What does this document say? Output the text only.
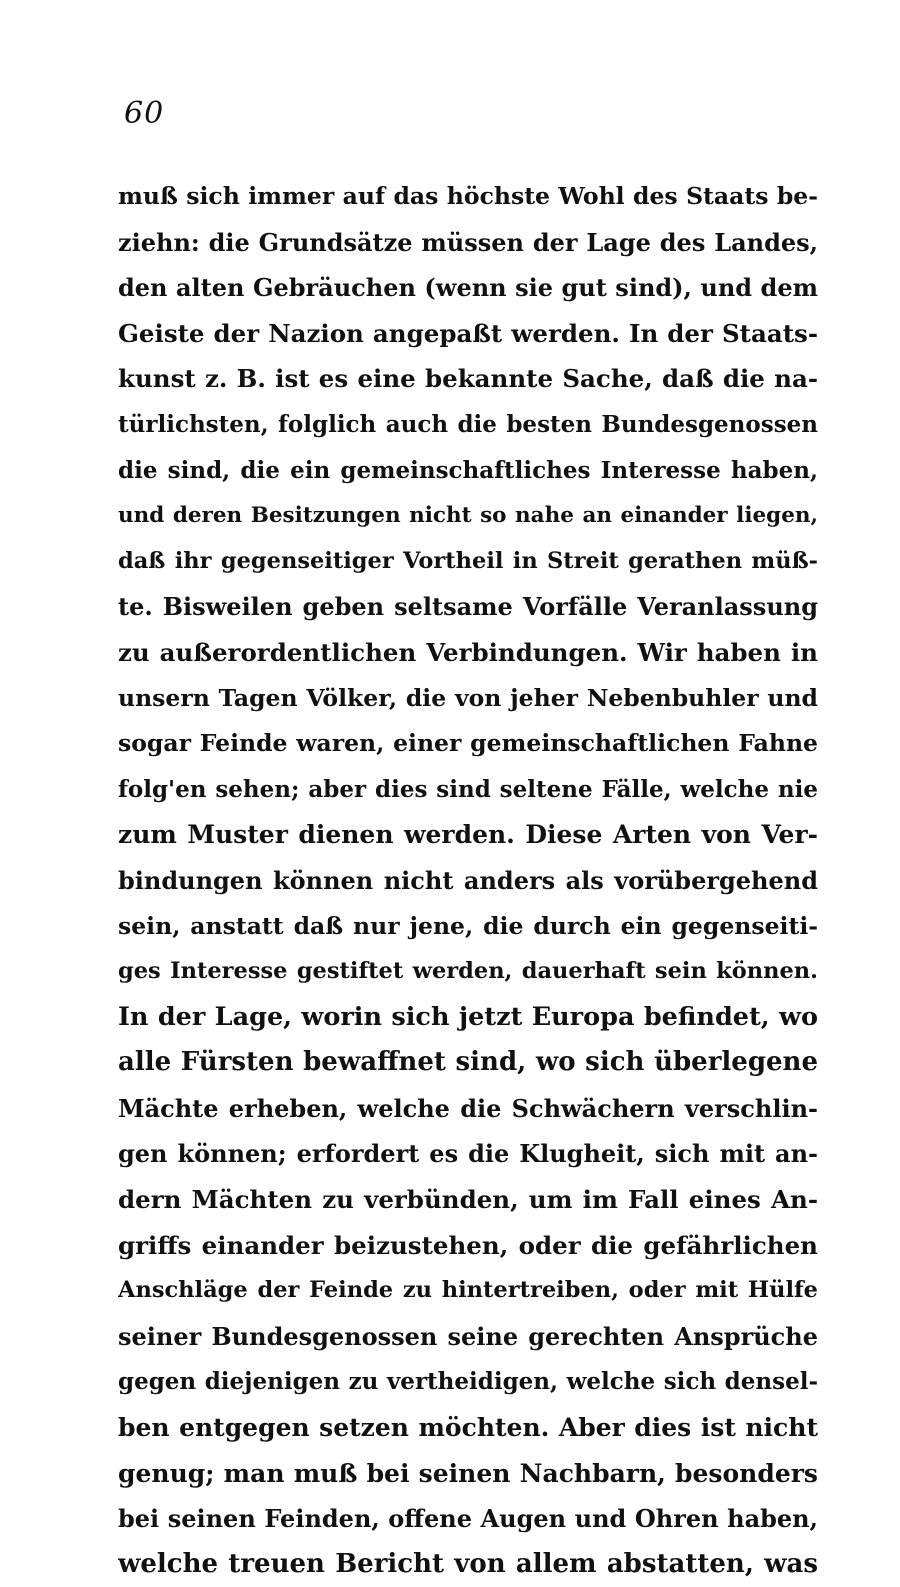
60
muß sich immer auf das höchste Wohl des Staats be-
ziehn: die Grundsätze müssen der Lage des Landes,
den alten Gebräuchen (wenn sie gut sind), und dem
Geiste der Nazion angepaßt werden. In der Staats-
kunst z. B. ist es eine bekannte Sache, daß die na-
türlichsten, folglich auch die besten Bundesgenossen
die sind, die ein gemeinschaftliches Interesse haben,
und deren Besitzungen nicht so nahe an einander liegen,
daß ihr gegenseitiger Vortheil in Streit gerathen müß-
te. Bisweilen geben seltsame Vorfälle Veranlassung
zu außerordentlichen Verbindungen. Wir haben in
unsern Tagen Völker, die von jeher Nebenbuhler und
sogar Feinde waren, einer gemeinschaftlichen Fahne
folg'en sehen; aber dies sind seltene Fälle, welche nie
zum Muster dienen werden. Diese Arten von Ver-
bindungen können nicht anders als vorübergehend
sein, anstatt daß nur jene, die durch ein gegenseiti-
ges Interesse gestiftet werden, dauerhaft sein können.
In der Lage, worin sich jetzt Europa befindet, wo
alle Fürsten bewaffnet sind, wo sich überlegene
Mächte erheben, welche die Schwächern verschlin-
gen können; erfordert es die Klugheit, sich mit an-
dern Mächten zu verbünden, um im Fall eines An-
griffs einander beizustehen, oder die gefährlichen
Anschläge der Feinde zu hintertreiben, oder mit Hülfe
seiner Bundesgenossen seine gerechten Ansprüche
gegen diejenigen zu vertheidigen, welche sich densel-
ben entgegen setzen möchten. Aber dies ist nicht
genug; man muß bei seinen Nachbarn, besonders
bei seinen Feinden, offene Augen und Ohren haben,
welche treuen Bericht von allem abstatten, was
